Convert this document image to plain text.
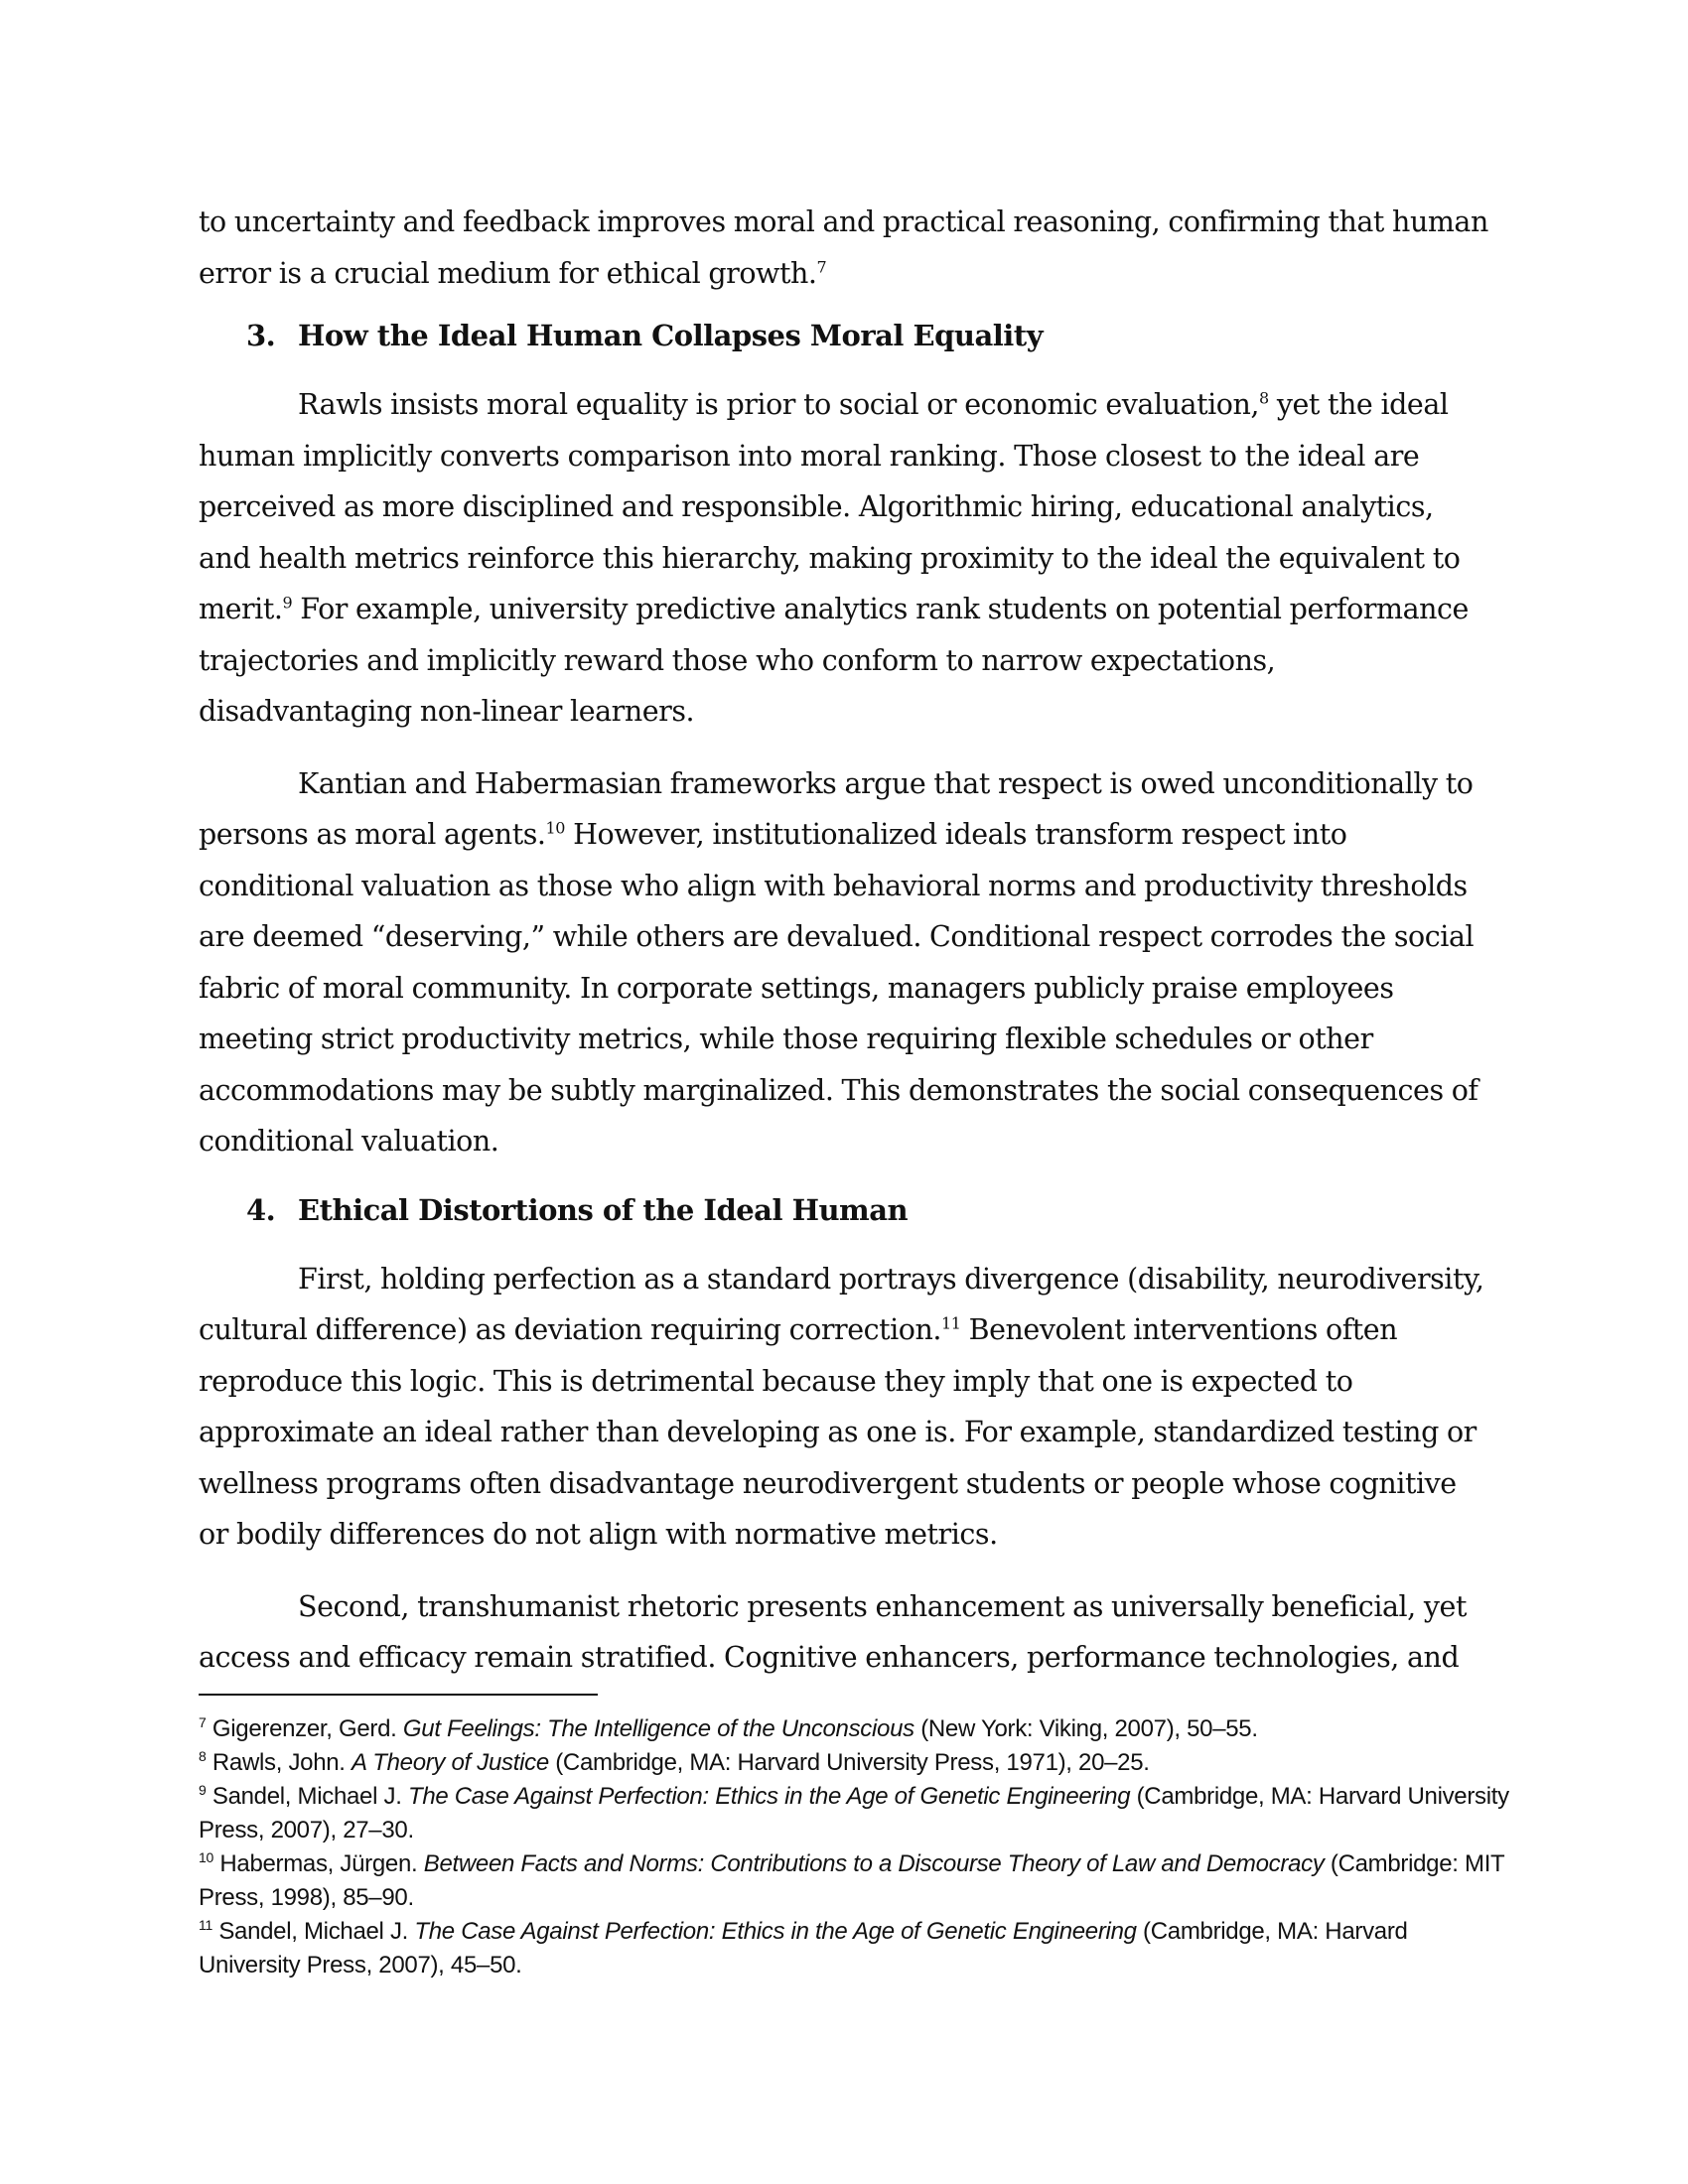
to uncertainty and feedback improves moral and practical reasoning, confirming that human error is a crucial medium for ethical growth.$^7$

3. How the Ideal Human Collapses Moral Equality

Rawls insists moral equality is prior to social or economic evaluation,$^8$ yet the ideal human implicitly converts comparison into moral ranking. Those closest to the ideal are perceived as more disciplined and responsible. Algorithmic hiring, educational analytics, and health metrics reinforce this hierarchy, making proximity to the ideal the equivalent to merit.$^9$ For example, university predictive analytics rank students on potential performance trajectories and implicitly reward those who conform to narrow expectations, disadvantaging non-linear learners.

Kantian and Habermasian frameworks argue that respect is owed unconditionally to persons as moral agents.$^{10}$ However, institutionalized ideals transform respect into conditional valuation as those who align with behavioral norms and productivity thresholds are deemed “deserving,” while others are devalued. Conditional respect corrodes the social fabric of moral community. In corporate settings, managers publicly praise employees meeting strict productivity metrics, while those requiring flexible schedules or other accommodations may be subtly marginalized. This demonstrates the social consequences of conditional valuation.

4. Ethical Distortions of the Ideal Human

First, holding perfection as a standard portrays divergence (disability, neurodiversity, cultural difference) as deviation requiring correction.$^{11}$ Benevolent interventions often reproduce this logic. This is detrimental because they imply that one is expected to approximate an ideal rather than developing as one is. For example, standardized testing or wellness programs often disadvantage neurodivergent students or people whose cognitive or bodily differences do not align with normative metrics.

Second, transhumanist rhetoric presents enhancement as universally beneficial, yet access and efficacy remain stratified. Cognitive enhancers, performance technologies, and

$^7$ Gigerenzer, Gerd. Gut Feelings: The Intelligence of the Unconscious (New York: Viking, 2007), 50–55.

$^8$ Rawls, John. A Theory of Justice (Cambridge, MA: Harvard University Press, 1971), 20–25.

$^9$ Sandel, Michael J. The Case Against Perfection: Ethics in the Age of Genetic Engineering (Cambridge, MA: Harvard University Press, 2007), 27–30.

$^{10}$ Habermas, Jürgen. Between Facts and Norms: Contributions to a Discourse Theory of Law and Democracy (Cambridge: MIT Press, 1998), 85–90.

$^{11}$ Sandel, Michael J. The Case Against Perfection: Ethics in the Age of Genetic Engineering (Cambridge, MA: Harvard University Press, 2007), 45–50.
